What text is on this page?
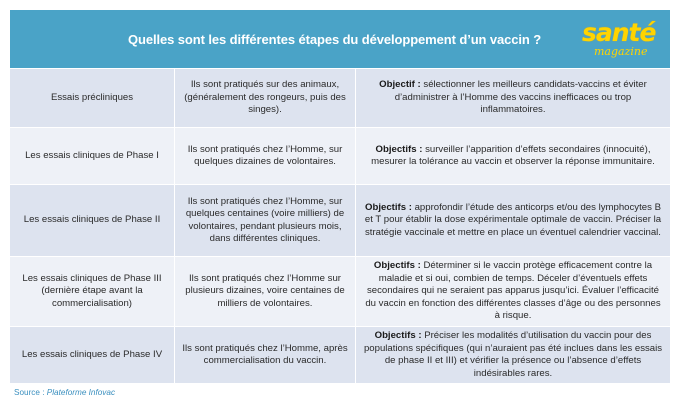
Quelles sont les différentes étapes du développement d’un vaccin ? santé
magazine
Essais précliniques
Ils sont pratiqués sur des animaux, (généralement des rongeurs, puis des singes).
Objectif : sélectionner les meilleurs candidats-vaccins et éviter d’administrer à l’Homme des vaccins inefficaces ou trop inflammatoires.
Les essais cliniques de Phase I
Ils sont pratiqués chez l’Homme, sur quelques dizaines de volontaires.
Objectifs : surveiller l’apparition d’effets secondaires (innocuité), mesurer la tolérance au vaccin et observer la réponse immunitaire.
Les essais cliniques de Phase II
Ils sont pratiqués chez l’Homme, sur quelques centaines (voire milliers) de volontaires, pendant plusieurs mois, dans différentes cliniques.
Objectifs : approfondir l’étude des anticorps et/ou des lymphocytes B et T pour établir la dose expérimentale optimale de vaccin. Préciser la stratégie vaccinale et mettre en place un éventuel calendrier vaccinal.
Les essais cliniques de Phase III (dernière étape avant la commercialisation)
Ils sont pratiqués chez l’Homme sur plusieurs dizaines, voire centaines de milliers de volontaires.
Objectifs : Déterminer si le vaccin protège efficacement contre la maladie et si oui, combien de temps. Déceler d’éventuels effets secondaires qui ne seraient pas apparus jusqu’ici. Évaluer l’efficacité du vaccin en fonction des différentes classes d’âge ou des personnes à risque.
Les essais cliniques de Phase IV
Ils sont pratiqués chez l’Homme, après commercialisation du vaccin.
Objectifs : Préciser les modalités d’utilisation du vaccin pour des populations spécifiques (qui n’auraient pas été inclues dans les essais de phase II et III) et vérifier la présence ou l’absence d’effets indésirables rares.
Source : Plateforme Infovac
